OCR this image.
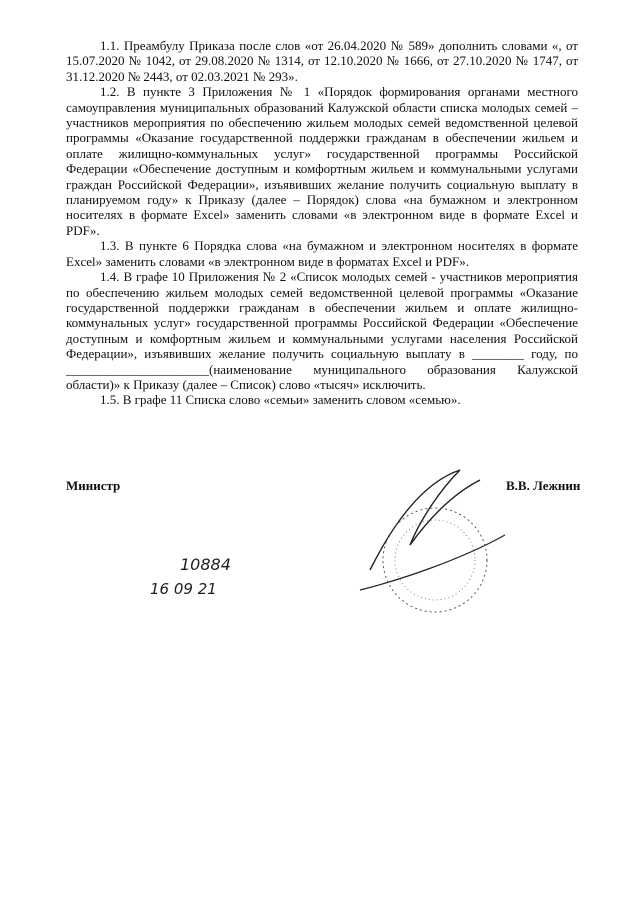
1.1. Преамбулу Приказа после слов «от 26.04.2020 № 589» дополнить словами «, от 15.07.2020 № 1042, от 29.08.2020 № 1314, от 12.10.2020 № 1666, от 27.10.2020 № 1747, от 31.12.2020 № 2443, от 02.03.2021 № 293».

1.2. В пункте 3 Приложения № 1 «Порядок формирования органами местного самоуправления муниципальных образований Калужской области списка молодых семей – участников мероприятия по обеспечению жильем молодых семей ведомственной целевой программы «Оказание государственной поддержки гражданам в обеспечении жильем и оплате жилищно-коммунальных услуг» государственной программы Российской Федерации «Обеспечение доступным и комфортным жильем и коммунальными услугами граждан Российской Федерации», изъявивших желание получить социальную выплату в планируемом году» к Приказу (далее – Порядок) слова «на бумажном и электронном носителях в формате Excel» заменить словами «в электронном виде в формате Excel и PDF».

1.3. В пункте 6 Порядка слова «на бумажном и электронном носителях в формате Excel» заменить словами «в электронном виде в форматах Excel и PDF».

1.4. В графе 10 Приложения № 2 «Список молодых семей - участников мероприятия по обеспечению жильем молодых семей ведомственной целевой программы «Оказание государственной поддержки гражданам в обеспечении жильем и оплате жилищно-коммунальных услуг» государственной программы Российской Федерации «Обеспечение доступным и комфортным жильем и коммунальными услугами населения Российской Федерации», изъявивших желание получить социальную выплату в ________ году, по ______________________(наименование муниципального образования Калужской области)» к Приказу (далее – Список) слово «тысяч» исключить.

1.5. В графе 11 Списка слово «семьи» заменить словом «семью».

Министр	В.В. Лежнин
10884
16 09 21
